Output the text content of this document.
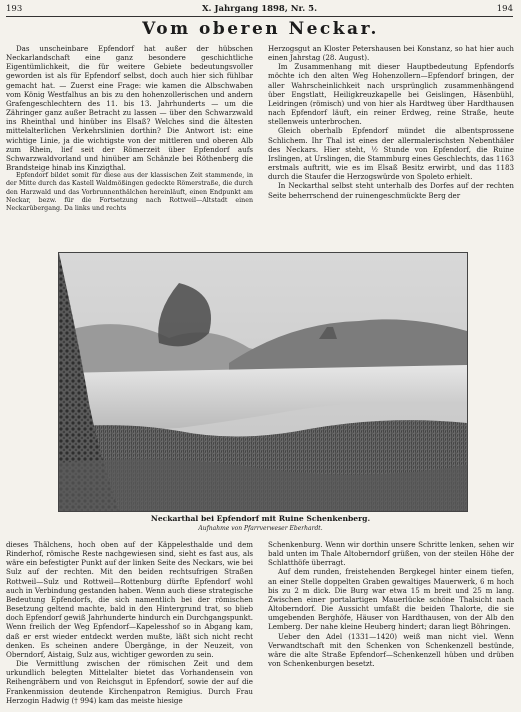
193	X. Jahrgang 1898, Nr. 5.	194
Vom oberen Neckar.

Das unscheinbare Epfendorf hat außer der hübschen Neckarlandschaft eine ganz besondere geschichtliche Eigentümlichkeit, die für weitere Gebiete bedeutungsvoller geworden ist als für Epfendorf selbst, doch auch hier sich fühlbar gemacht hat. — Zuerst eine Frage: wie kamen die Albschwaben vom König Westfalhus an bis zu den hohenzollerischen und andern Grafengeschlechtern des 11. bis 13. Jahrhunderts — um die Zähringer ganz außer Betracht zu lassen — über den Schwarzwald ins Rheinthal und hinüber ins Elsaß? Welches sind die ältesten mittelalterlichen Verkehrslinien dorthin? Die Antwort ist: eine wichtige Linie, ja die wichtigste von der mittleren und oberen Alb zum Rhein, lief seit der Römerzeit über Epfendorf aufs Schwarzwaldvorland und hinüber am Schänzle bei Röthenberg die Brandsteige hinab ins Kinzigthal.

Epfendorf bildet somit für diese aus der klassischen Zeit stammende, in der Mitte durch das Kastell Waldmößingen gedeckte Römerstraße, die durch den Harzwald und das Vorbrunnenthälchen hereinläuft, einen Endpunkt am Neckar, bezw. für die Fortsetzung nach Rottweil—Altstadt einen Neckarübergang. Da links und rechts

Herzogsgut an Kloster Petershausen bei Konstanz, so hat hier auch einen Jahrstag (28. August).

Im Zusammenhang mit dieser Hauptbedeutung Epfendorfs möchte ich den alten Weg Hohenzollern—Epfendorf bringen, der aller Wahrscheinlichkeit nach ursprünglich zusammenhängend über Engstlatt, Heiligkreuzkapelle bei Geislingen, Häsenbühl, Leidringen (römisch) und von hier als Hardtweg über Hardthausen nach Epfendorf läuft, ein reiner Erdweg, reine Straße, heute stellenweis unterbrochen.

Gleich oberhalb Epfendorf mündet die albentsprossene Schlichem. Ihr Thal ist eines der allermalerischsten Nebenthäler des Neckars. Hier steht, ½ Stunde von Epfendorf, die Ruine Irslingen, at Urslingen, die Stammburg eines Geschlechts, das 1163 erstmals auftritt, wie es im Elsaß Besitz erwirbt, und das 1183 durch die Staufer die Herzogswürde von Spoleto erhielt.

In Neckarthal selbst steht unterhalb des Dorfes auf der rechten Seite beherrschend der ruinengeschmückte Berg der

Neckarthal bei Epfendorf mit Ruine Schenkenberg.
Aufnahme von Pfarrverweser Eberhardt.

dieses Thälchens, hoch oben auf der Käppelesthalde und dem Rinderhof, römische Reste nachgewiesen sind, sieht es fast aus, als wäre ein befestigter Punkt auf der linken Seite des Neckars, wie bei Sulz auf der rechten. Mit den beiden rechtsufrigen Straßen Rottweil—Sulz und Rottweil—Rottenburg dürfte Epfendorf wohl auch in Verbindung gestanden haben. Wenn auch diese strategische Bedeutung Epfendorfs, die sich namentlich bei der römischen Besetzung geltend machte, bald in den Hintergrund trat, so blieb doch Epfendorf gewiß Jahrhunderte hindurch ein Durchgangspunkt. Wenn freilich der Weg Epfendorf—Kapelesshof so in Abgang kam, daß er erst wieder entdeckt werden mußte, läßt sich nicht recht denken. Es scheinen andere Übergänge, in der Neuzeit, von Oberndorf, Aistaig, Sulz aus, wichtiger geworden zu sein.

Die Vermittlung zwischen der römischen Zeit und dem urkundlich belegten Mittelalter bietet das Vorhandensein von Reihengräbern und von Reichsgut in Epfendorf, sowie der auf die Frankenmission deutende Kirchenpatron Remigius. Durch Frau Herzogin Hadwig († 994) kam das meiste hiesige

Schenkenburg. Wenn wir dorthin unsere Schritte lenken, sehen wir bald unten im Thale Altoberndorf grüßen, von der steilen Höhe der Schlatthöfe überragt.

Auf dem runden, freistehenden Bergkegel hinter einem tiefen, an einer Stelle doppelten Graben gewaltiges Mauerwerk, 6 m hoch bis zu 2 m dick. Die Burg war etwa 15 m breit und 25 m lang. Zwischen einer portalartigen Mauerlücke schöne Thalsicht nach Altoberndorf. Die Aussicht umfaßt die beiden Thalorte, die sie umgebenden Berghöfe, Häuser von Hardthausen, von der Alb den Lemberg. Der nahe kleine Heuberg hindert; daran liegt Böhringen.

Ueber den Adel (1331—1420) weiß man nicht viel. Wenn Verwandtschaft mit den Schenken von Schenkenzell bestünde, wäre die alte Straße Epfendorf—Schenkenzell hüben und drüben von Schenkenburgen besetzt.
